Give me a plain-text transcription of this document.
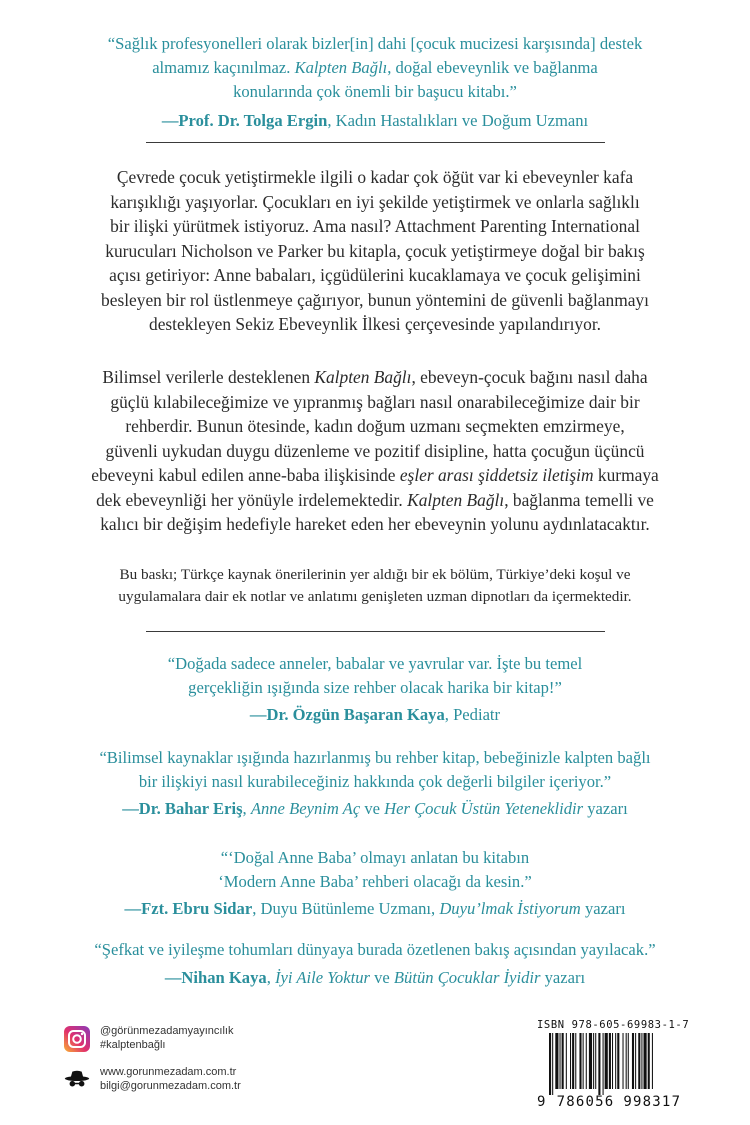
“Sağlık profesyonelleri olarak bizler[in] dahi [çocuk mucizesi karşısında] destek
almamız kaçınılmaz. Kalpten Bağlı, doğal ebeveynlik ve bağlanma
konularında çok önemli bir başucu kitabı.”
—Prof. Dr. Tolga Ergin, Kadın Hastalıkları ve Doğum Uzmanı
Çevrede çocuk yetiştirmekle ilgili o kadar çok öğüt var ki ebeveynler kafa
karışıklığı yaşıyorlar. Çocukları en iyi şekilde yetiştirmek ve onlarla sağlıklı
bir ilişki yürütmek istiyoruz. Ama nasıl? Attachment Parenting International
kurucuları Nicholson ve Parker bu kitapla, çocuk yetiştirmeye doğal bir bakış
açısı getiriyor: Anne babaları, içgüdülerini kucaklamaya ve çocuk gelişimini
besleyen bir rol üstlenmeye çağırıyor, bunun yöntemini de güvenli bağlanmayı
destekleyen Sekiz Ebeveynlik İlkesi çerçevesinde yapılandırıyor.
Bilimsel verilerle desteklenen Kalpten Bağlı, ebeveyn-çocuk bağını nasıl daha
güçlü kılabileceğimize ve yıpranmış bağları nasıl onarabileceğimize dair bir
rehberdir. Bunun ötesinde, kadın doğum uzmanı seçmekten emzirmeye,
güvenli uykudan duygu düzenleme ve pozitif disipline, hatta çocuğun üçüncü
ebeveyni kabul edilen anne-baba ilişkisinde eşler arası şiddetsiz iletişim kurmaya
dek ebeveynliği her yönüyle irdelemektedir. Kalpten Bağlı, bağlanma temelli ve
kalıcı bir değişim hedefiyle hareket eden her ebeveynin yolunu aydınlatacaktır.
Bu baskı; Türkçe kaynak önerilerinin yer aldığı bir ek bölüm, Türkiye’deki koşul ve
uygulamalara dair ek notlar ve anlatımı genişleten uzman dipnotları da içermektedir.
“Doğada sadece anneler, babalar ve yavrular var. İşte bu temel
gerçekliğin ışığında size rehber olacak harika bir kitap!”
—Dr. Özgün Başaran Kaya, Pediatr
“Bilimsel kaynaklar ışığında hazırlanmış bu rehber kitap, bebeğinizle kalpten bağlı
bir ilişkiyi nasıl kurabileceğiniz hakkında çok değerli bilgiler içeriyor.”
—Dr. Bahar Eriş, Anne Beynim Aç ve Her Çocuk Üstün Yeteneklidir yazarı
“‘Doğal Anne Baba’ olmayı anlatan bu kitabın
‘Modern Anne Baba’ rehberi olacağı da kesin.”
—Fzt. Ebru Sidar, Duyu Bütünleme Uzmanı, Duyu’lmak İstiyorum yazarı
“Şefkat ve iyileşme tohumları dünyaya burada özetlenen bakış açısından yayılacak.”
—Nihan Kaya, İyi Aile Yoktur ve Bütün Çocuklar İyidir yazarı
@görünmezadamyayıncılık
#kalptenbağlı
www.gorunmezadam.com.tr
bilgi@gorunmezadam.com.tr
ISBN 978-605-69983-1-7
9 786056 998317
